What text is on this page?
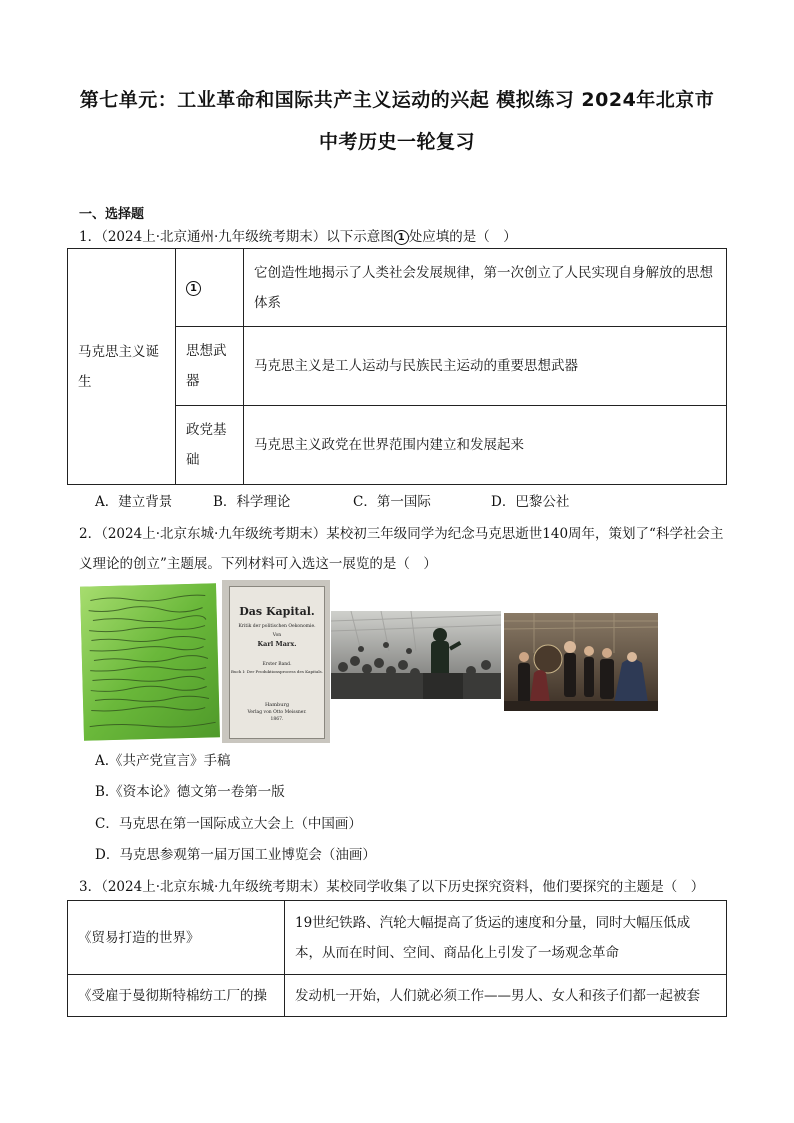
第七单元：工业革命和国际共产主义运动的兴起 模拟练习 2024年北京市
中考历史一轮复习
一、选择题
1．（2024上·北京通州·九年级统考期末）以下示意图 1 处应填的是（　）
马克思主义诞生	1	它创造性地揭示了人类社会发展规律，第一次创立了人民实现自身解放的思想体系
	思想武器	马克思主义是工人运动与民族民主运动的重要思想武器
	政党基础	马克思主义政党在世界范围内建立和发展起来
A．建立背景	B．科学理论	C．第一国际	D．巴黎公社
2．（2024上·北京东城·九年级统考期末）某校初三年级同学为纪念马克思逝世140周年，策划了“科学社会主义理论的创立”主题展。下列材料可入选这一展览的是（　）
Das Kapital.
Kritik der politischen Oekonomie.
Von
Karl Marx.
Erster Band.
Buch I: Der Produktionsprocess des Kapitals.
Hamburg
Verlag von Otto Meissner.
1867.
A.《共产党宣言》手稿
B.《资本论》德文第一卷第一版
C．马克思在第一国际成立大会上（中国画）
D．马克思参观第一届万国工业博览会（油画）
3．（2024上·北京东城·九年级统考期末）某校同学收集了以下历史探究资料，他们要探究的主题是（　）
《贸易打造的世界》	19世纪铁路、汽轮大幅提高了货运的速度和分量，同时大幅压低成本，从而在时间、空间、商品化上引发了一场观念革命
《受雇于曼彻斯特棉纺工厂的操	发动机一开始，人们就必须工作——男人、女人和孩子们都一起被套
